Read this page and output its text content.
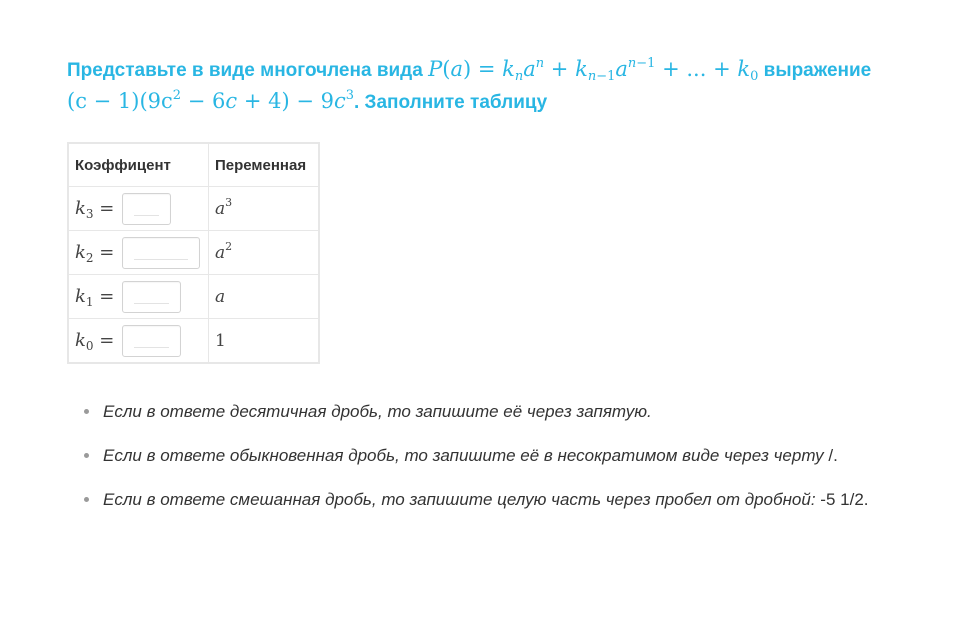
Представьте в виде многочлена вида $P(a) = k_na^n + k_{n-1}a^{n-1}$ + ... + $k_0$ выражение
$(c - 1)(9c^2 - 6c + 4) - 9c^3$. Заполните таблицу
Коэффицент	Переменная

$k_3$ =	$a^3$

$k_2$ =	$a^2$

$k_1$ =	a

$k_0$ =	1
Если в ответе десятичная дробь, то запишите её через запятую.
Если в ответе обыкновенная дробь, то запишите её в несократимом виде через черту /.
Если в ответе смешанная дробь, то запишите целую часть через пробел от дробной: -5 1/2.
